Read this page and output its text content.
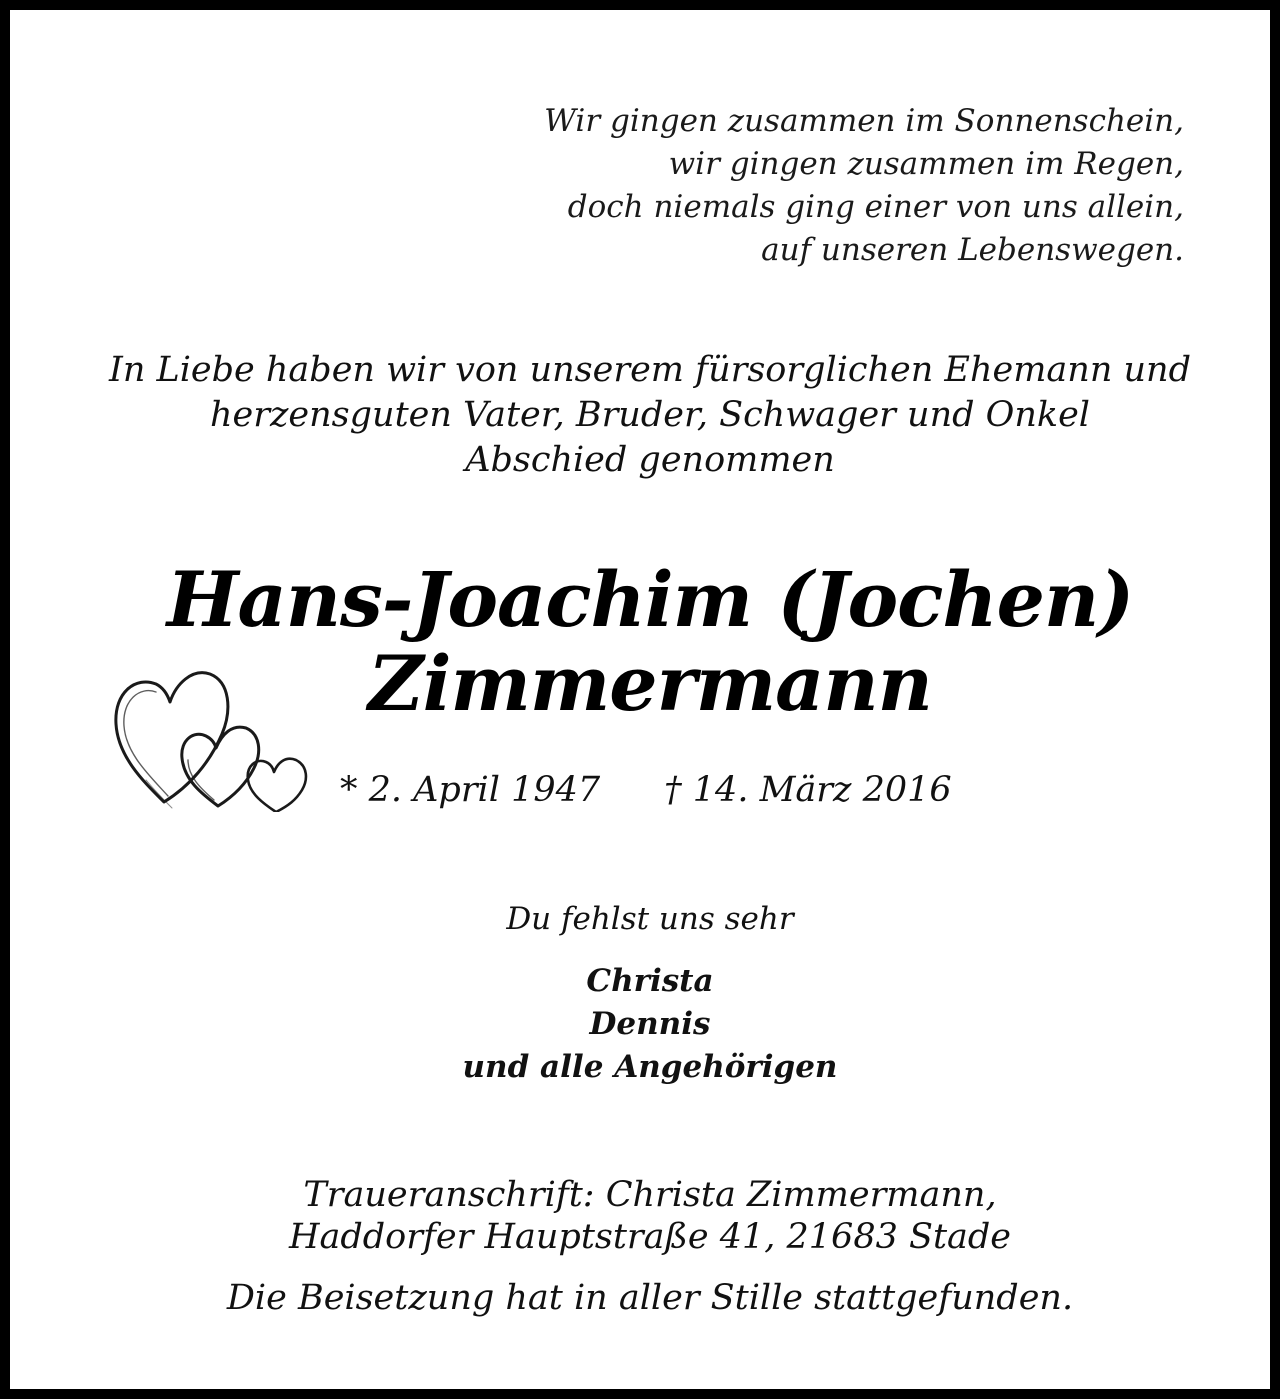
Wir gingen zusammen im Sonnenschein,
wir gingen zusammen im Regen,
doch niemals ging einer von uns allein,
auf unseren Lebenswegen.
In Liebe haben wir von unserem fürsorglichen Ehemann und
herzensguten Vater, Bruder, Schwager und Onkel
Abschied genommen
Hans-Joachim (Jochen)
Zimmermann
* 2. April 1947 † 14. März 2016
Du fehlst uns sehr
Christa
Dennis
und alle Angehörigen
Traueranschrift: Christa Zimmermann,
Haddorfer Hauptstraße 41, 21683 Stade
Die Beisetzung hat in aller Stille stattgefunden.
